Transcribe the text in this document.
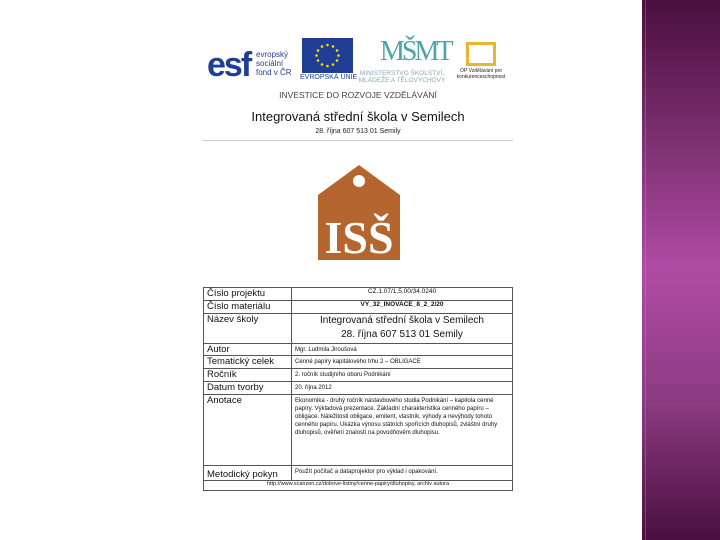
esf evropský
sociální
fond v ČR
EVROPSKÁ UNIE
MŠMT
MINISTERSTVO ŠKOLSTVÍ, MLÁDEŽE A TĚLOVÝCHOVY
OP Vzdělávání pro konkurenceschopnost
INVESTICE DO ROZVOJE VZDĚLÁVÁNÍ
Integrovaná střední škola v Semilech
28. října 607 513 01 Semily
ISŠ
Číslo projektu	CZ.1.07/1.5.00/34.0240
Číslo materiálu	VY_32_INOVACE_8_2_2/20
Název školy	Integrovaná střední škola v Semilech
28. října 607 513 01 Semily

Autor	Mgr. Ludmila Jiroušová
Tematický celek	Cenné papíry kapitálového trhu 2 – OBLIGACE
Ročník	2. ročník studijního oboru Podnikání
Datum tvorby	20. října 2012
Anotace	Ekonomika - druhý ročník nástavbového studia Podnikání – kapitola cenné papíry. Výkladová prezentace. Základní charakteristika cenného papíru – obligace. Náležitosti obligace, emitent, vlastník, výhody a nevýhody tohoto cenného papíru. Ukázka výnosu státních spořících dluhopisů, zvláštní druhy dluhopisů, ověření znalostí na povodňovém dluhopisu.
Metodický pokyn	Použít počítač a dataprojektor pro výklad i opakování.
http://www.scanzen.cz/dobove-listiny/cenne-papiry/dluhopisy, archiv autora	
